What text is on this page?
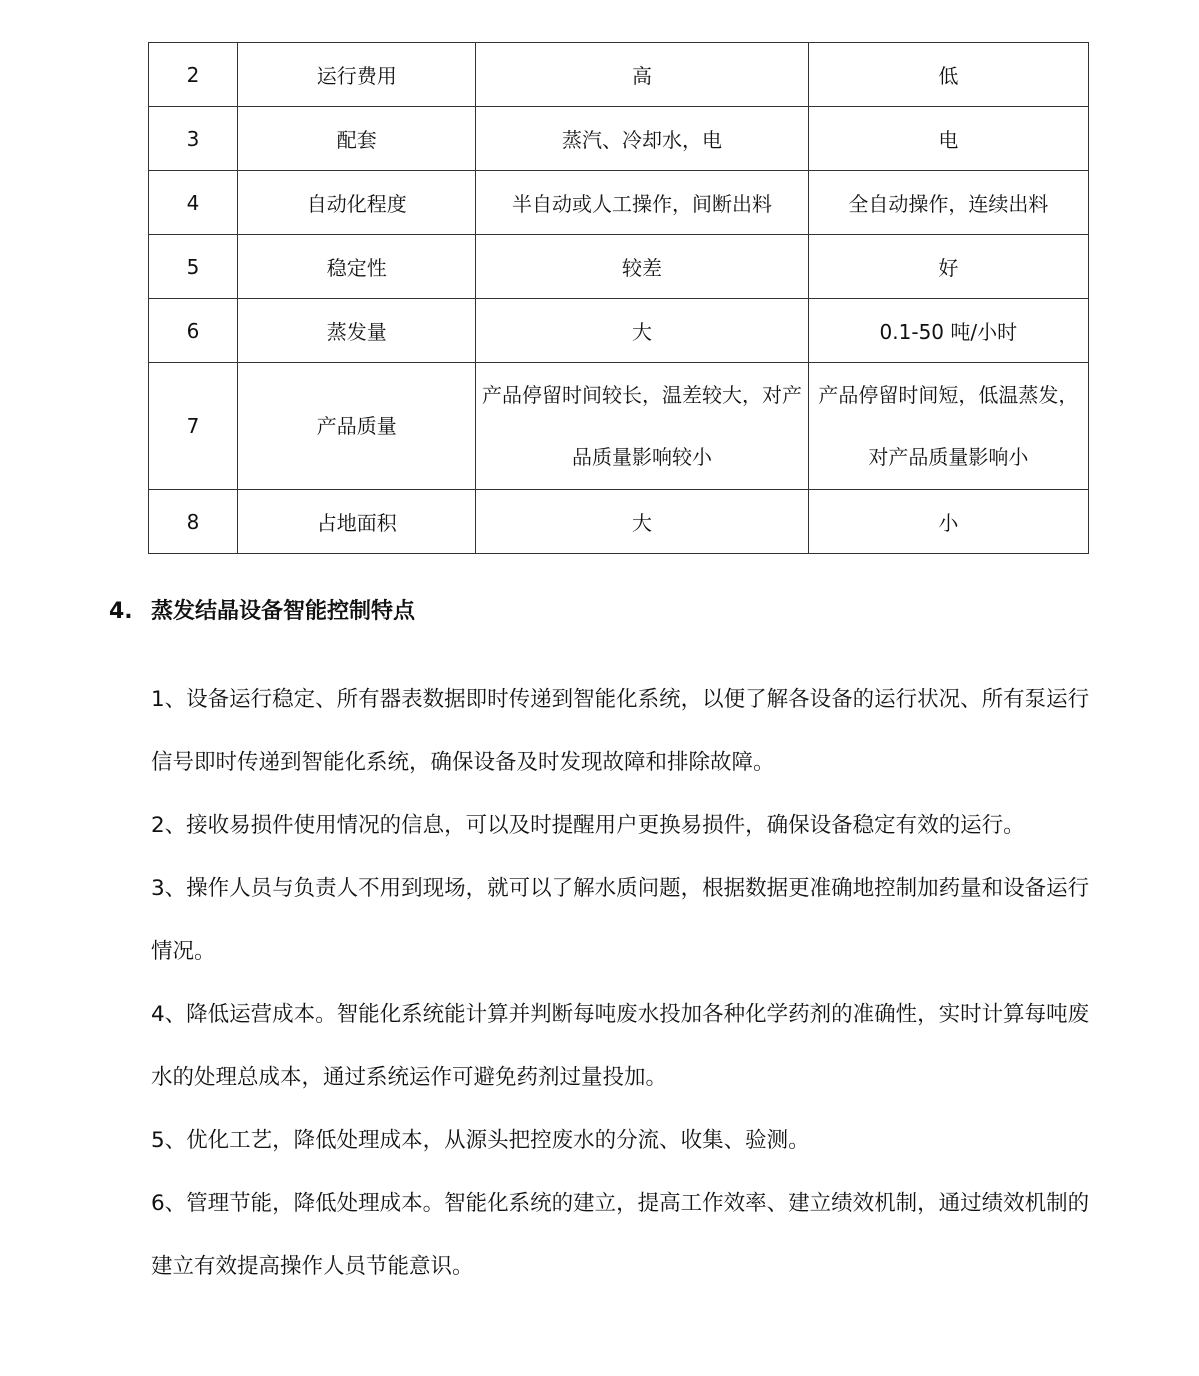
2	运行费用	高	低
3	配套	蒸汽、冷却水，电	电
4	自动化程度	半自动或人工操作，间断出料	全自动操作，连续出料
5	稳定性	较差	好
6	蒸发量	大	0.1-50 吨/小时
7	产品质量	产品停留时间较长，温差较大，对产品质量影响较小	产品停留时间短，低温蒸发，对产品质量影响小
8	占地面积	大	小
4. 蒸发结晶设备智能控制特点

1、设备运行稳定、所有器表数据即时传递到智能化系统，以便了解各设备的运行状况、所有泵运行信号即时传递到智能化系统，确保设备及时发现故障和排除故障。

2、接收易损件使用情况的信息，可以及时提醒用户更换易损件，确保设备稳定有效的运行。

3、操作人员与负责人不用到现场，就可以了解水质问题，根据数据更准确地控制加药量和设备运行情况。

4、降低运营成本。智能化系统能计算并判断每吨废水投加各种化学药剂的准确性，实时计算每吨废水的处理总成本，通过系统运作可避免药剂过量投加。

5、优化工艺，降低处理成本，从源头把控废水的分流、收集、验测。

6、管理节能，降低处理成本。智能化系统的建立，提高工作效率、建立绩效机制，通过绩效机制的建立有效提高操作人员节能意识。
